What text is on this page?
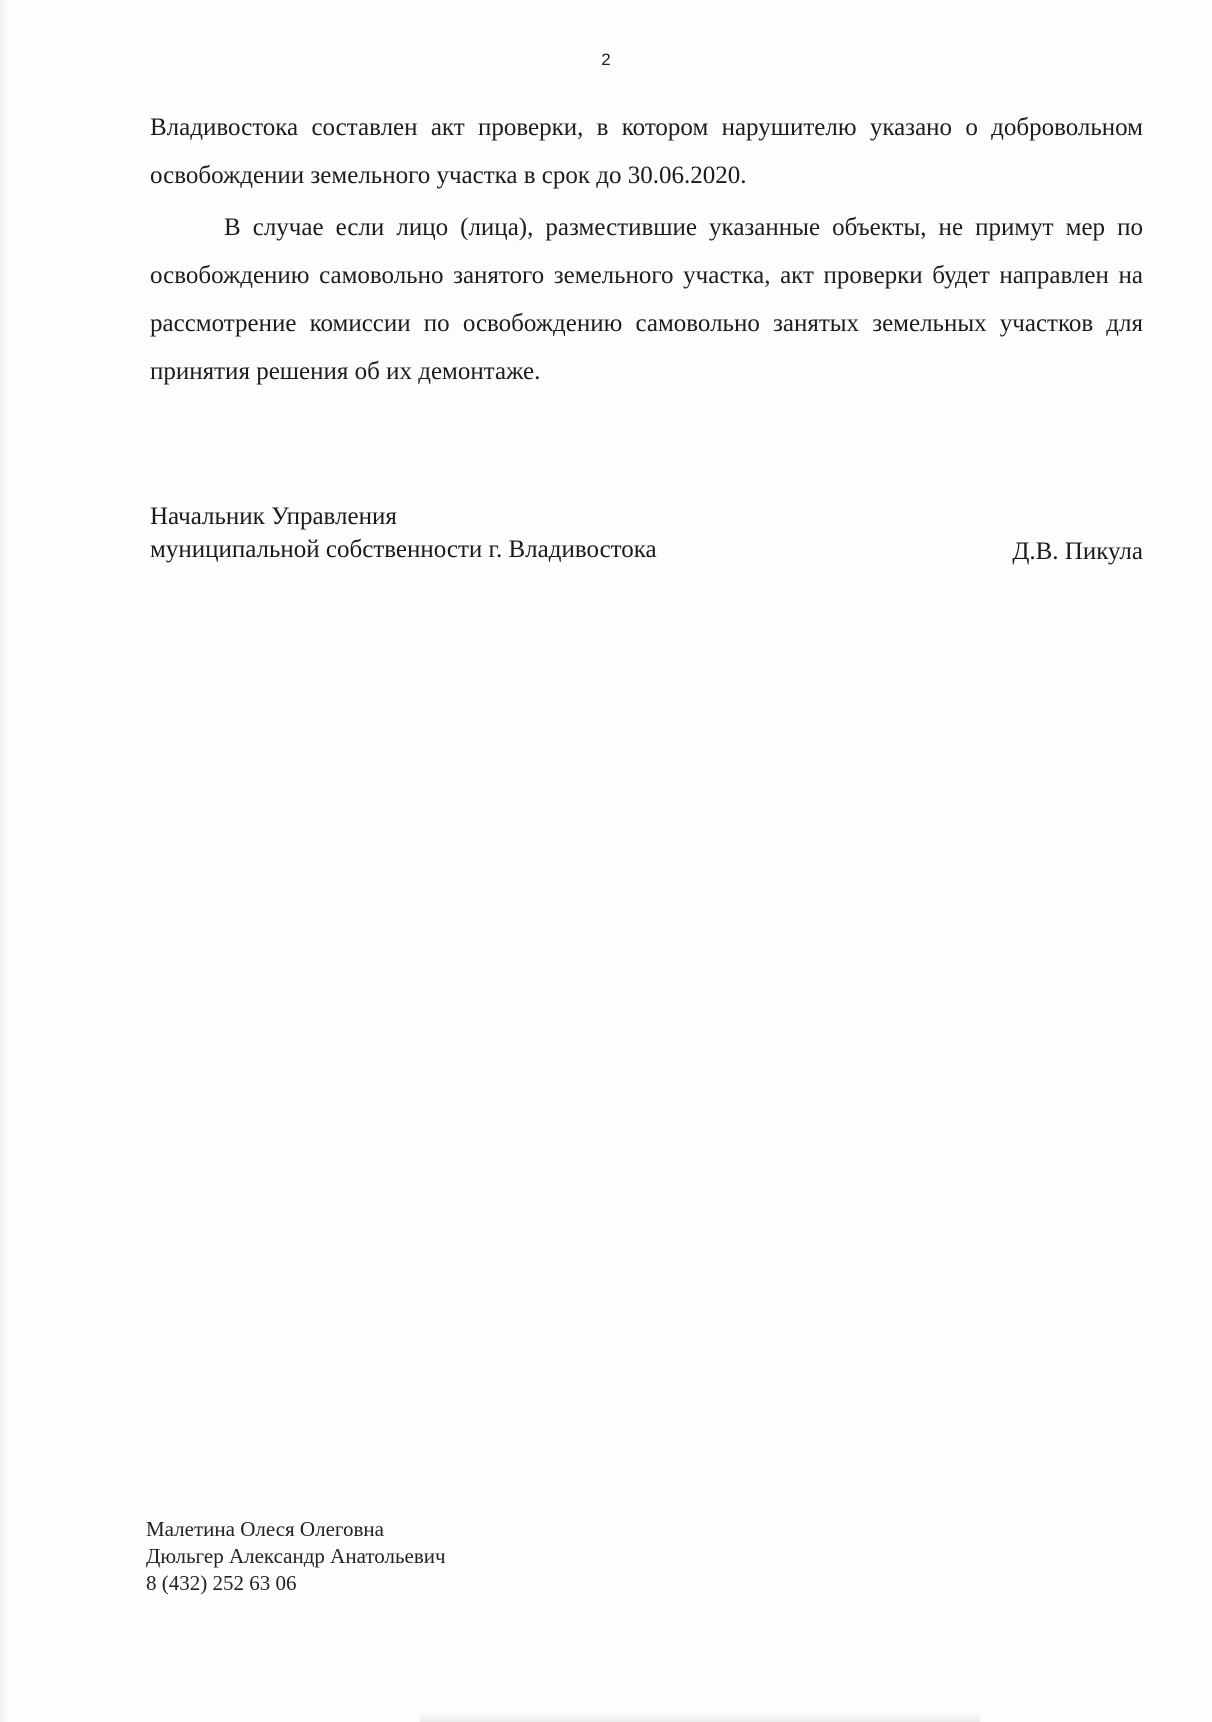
2
Владивостока составлен акт проверки, в котором нарушителю указано о добровольном освобождении земельного участка в срок до 30.06.2020.
В случае если лицо (лица), разместившие указанные объекты, не примут мер по освобождению самовольно занятого земельного участка, акт проверки будет направлен на рассмотрение комиссии по освобождению самовольно занятых земельных участков для принятия решения об их демонтаже.
Начальник Управления
муниципальной собственности г. Владивостока	Д.В. Пикула
Малетина Олеся Олеговна
Дюльгер Александр Анатольевич
8 (432) 252 63 06
